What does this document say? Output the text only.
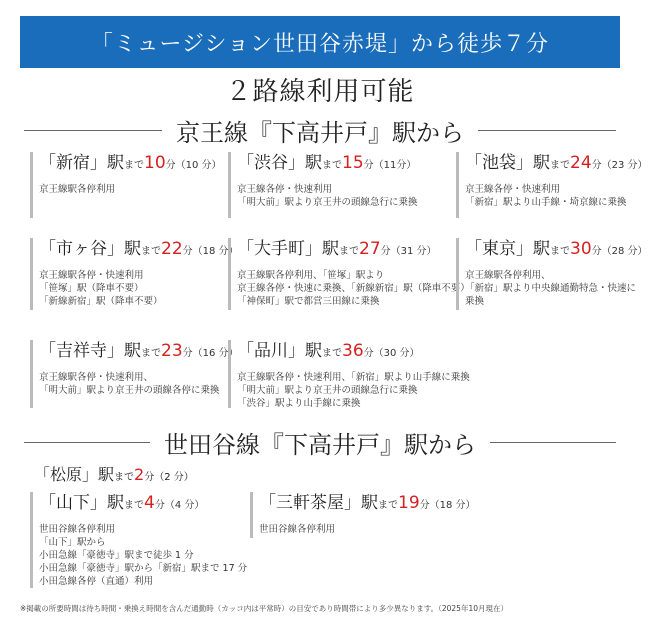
「ミュージション世田谷赤堤」から徒歩７分
２路線利用可能
京王線『下高井戸』駅から
「新宿」駅まで10分（10 分）
京王線駅各停利用
「渋谷」駅まで15分（11分）
京王線各停・快速利用
「明大前」駅より京王井の頭線急行に乗換
「池袋」駅まで24分（23 分）
京王線各停・快速利用
「新宿」駅より山手線・埼京線に乗換
「市ヶ谷」駅まで22分（18 分）
京王線駅各停・快速利用
「笹塚」駅（降車不要）
「新線新宿」駅（降車不要）
「大手町」駅まで27分（31 分）
京王線駅各停利用、「笹塚」駅より
京王線各停・快速に乗換、「新線新宿」駅（降車不要）
「神保町」駅で都営三田線に乗換
「東京」駅まで30分（28 分）
京王線駅各停利用、
「新宿」駅より中央線通勤特急・快速に
乗換
「吉祥寺」駅まで23分（16 分）
京王線駅各停・快速利用、
「明大前」駅より京王井の頭線各停に乗換
「品川」駅まで36分（30 分）
京王線駅各停・快速利用、「新宿」駅より山手線に乗換
「明大前」駅より京王井の頭線急行に乗換
「渋谷」駅より山手線に乗換
世田谷線『下高井戸』駅から
「松原」駅まで2分（2 分）
「山下」駅まで4分（4 分）
世田谷線各停利用
「山下」駅から
小田急線「豪徳寺」駅まで徒歩 1 分
小田急線「豪徳寺」駅から「新宿」駅まで 17 分
小田急線各停（直通）利用
「三軒茶屋」駅まで19分（18 分）
世田谷線各停利用
※掲載の所要時間は待ち時間・乗換え時間を含んだ通勤時（カッコ内は平常時）の目安であり時間帯により多少異なります。（2025年10月現在）
